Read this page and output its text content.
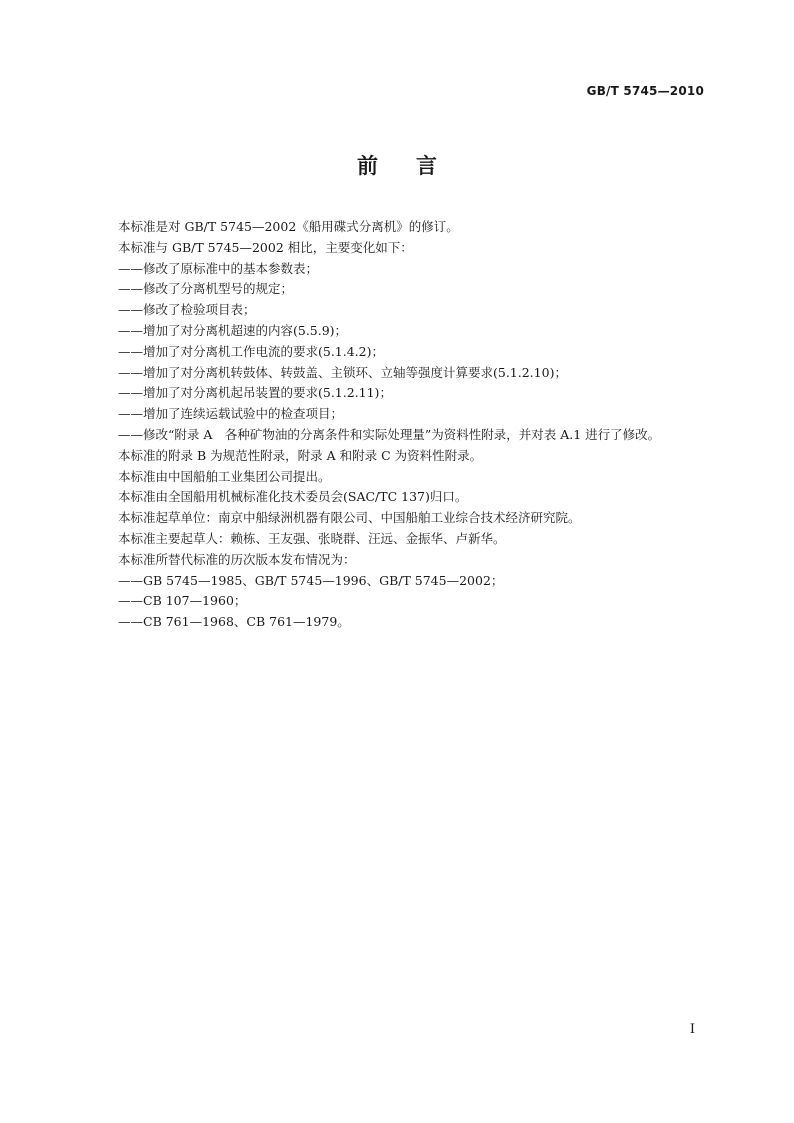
GB/T 5745—2010
前言
本标准是对 GB/T 5745—2002《船用碟式分离机》的修订。
本标准与 GB/T 5745—2002 相比，主要变化如下：
—— 修改了原标准中的基本参数表；
—— 修改了分离机型号的规定；
—— 修改了检验项目表；
—— 增加了对分离机超速的内容(5.5.9)；
—— 增加了对分离机工作电流的要求(5.1.4.2)；
—— 增加了对分离机转鼓体、转鼓盖、主锁环、立轴等强度计算要求(5.1.2.10)；
—— 增加了对分离机起吊装置的要求(5.1.2.11)；
—— 增加了连续运载试验中的检查项目；
—— 修改“附录 A　各种矿物油的分离条件和实际处理量”为资料性附录，并对表 A.1 进行了修改。
本标准的附录 B 为规范性附录，附录 A 和附录 C 为资料性附录。
本标准由中国船舶工业集团公司提出。
本标准由全国船用机械标准化技术委员会(SAC/TC 137)归口。
本标准起草单位：南京中船绿洲机器有限公司、中国船舶工业综合技术经济研究院。
本标准主要起草人：赖栋、王友强、张晓群、汪远、金振华、卢新华。
本标准所替代标准的历次版本发布情况为：
—— GB 5745—1985、GB/T 5745—1996、GB/T 5745—2002；
—— CB 107—1960；
—— CB 761—1968、CB 761—1979。
I
